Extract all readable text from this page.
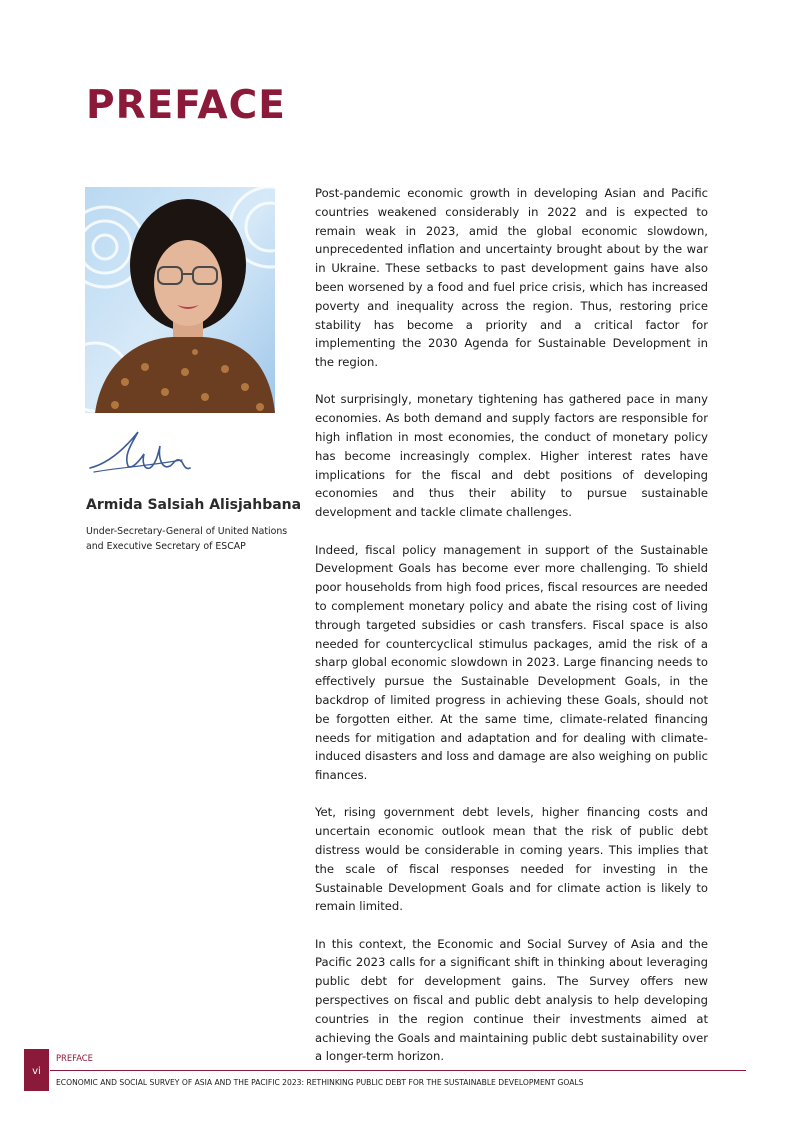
PREFACE
Armida Salsiah Alisjahbana
Under-Secretary-General of United Nations and Executive Secretary of ESCAP

Post-pandemic economic growth in developing Asian and Pacific countries weakened considerably in 2022 and is expected to remain weak in 2023, amid the global economic slowdown, unprecedented inflation and uncertainty brought about by the war in Ukraine. These setbacks to past development gains have also been worsened by a food and fuel price crisis, which has increased poverty and inequality across the region. Thus, restoring price stability has become a priority and a critical factor for implementing the 2030 Agenda for Sustainable Development in the region.

Not surprisingly, monetary tightening has gathered pace in many economies. As both demand and supply factors are responsible for high inflation in most economies, the conduct of monetary policy has become increasingly complex. Higher interest rates have implications for the fiscal and debt positions of developing economies and thus their ability to pursue sustainable development and tackle climate challenges.

Indeed, fiscal policy management in support of the Sustainable Development Goals has become ever more challenging. To shield poor households from high food prices, fiscal resources are needed to complement monetary policy and abate the rising cost of living through targeted subsidies or cash transfers. Fiscal space is also needed for countercyclical stimulus packages, amid the risk of a sharp global economic slowdown in 2023. Large financing needs to effectively pursue the Sustainable Development Goals, in the backdrop of limited progress in achieving these Goals, should not be forgotten either. At the same time, climate-related financing needs for mitigation and adaptation and for dealing with climate-induced disasters and loss and damage are also weighing on public finances.

Yet, rising government debt levels, higher financing costs and uncertain economic outlook mean that the risk of public debt distress would be considerable in coming years. This implies that the scale of fiscal responses needed for investing in the Sustainable Development Goals and for climate action is likely to remain limited.

In this context, the Economic and Social Survey of Asia and the Pacific 2023 calls for a significant shift in thinking about leveraging public debt for development gains. The Survey offers new perspectives on fiscal and public debt analysis to help developing countries in the region continue their investments aimed at achieving the Goals and maintaining public debt sustainability over a longer-term horizon.

vi
PREFACE
ECONOMIC AND SOCIAL SURVEY OF ASIA AND THE PACIFIC 2023: RETHINKING PUBLIC DEBT FOR THE SUSTAINABLE DEVELOPMENT GOALS
